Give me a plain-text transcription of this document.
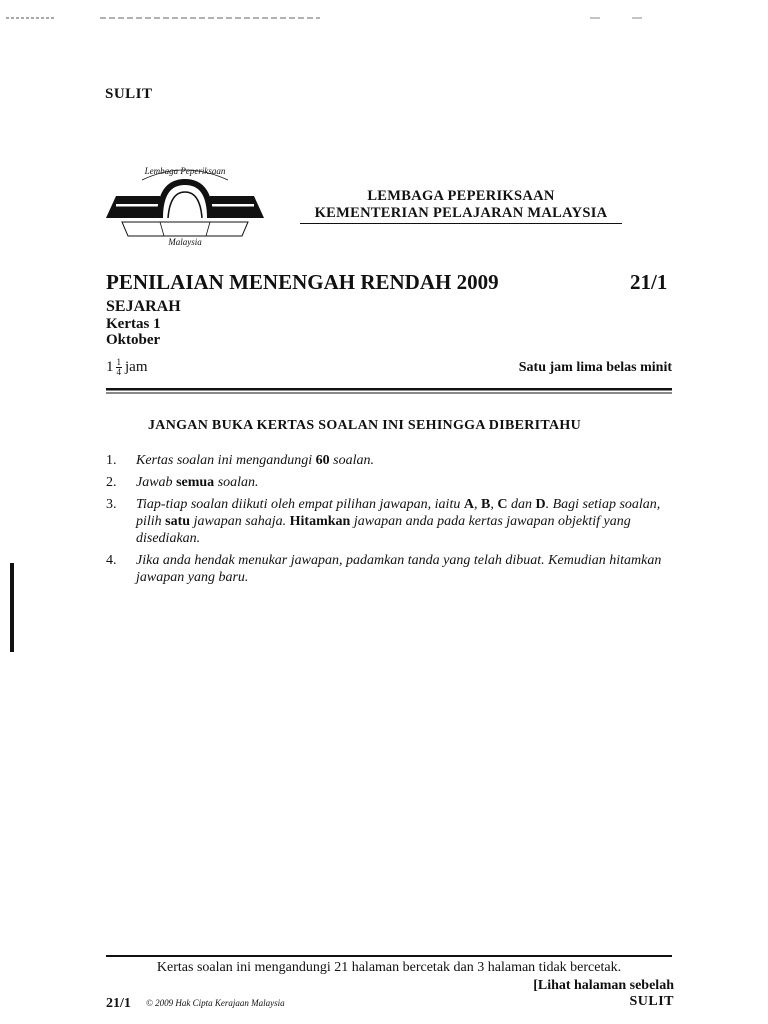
SULIT
Lembaga Peperiksaan
Malaysia
LEMBAGA PEPERIKSAAN
KEMENTERIAN PELAJARAN MALAYSIA
PENILAIAN MENENGAH RENDAH 2009	21/1
SEJARAH
Kertas 1
Oktober
$1 \frac{1}{4}$ jam	Satu jam lima belas minit
JANGAN BUKA KERTAS SOALAN INI SEHINGGA DIBERITAHU
1.	Kertas soalan ini mengandungi 60 soalan.
2.	Jawab semua soalan.
3.	Tiap-tiap soalan diikuti oleh empat pilihan jawapan, iaitu A, B, C dan D. Bagi setiap soalan, pilih satu jawapan sahaja. Hitamkan jawapan anda pada kertas jawapan objektif yang disediakan.
4.	Jika anda hendak menukar jawapan, padamkan tanda yang telah dibuat. Kemudian hitamkan jawapan yang baru.
Kertas soalan ini mengandungi 21 halaman bercetak dan 3 halaman tidak bercetak.
[Lihat halaman sebelah
21/1 © 2009 Hak Cipta Kerajaan Malaysia	SULIT
